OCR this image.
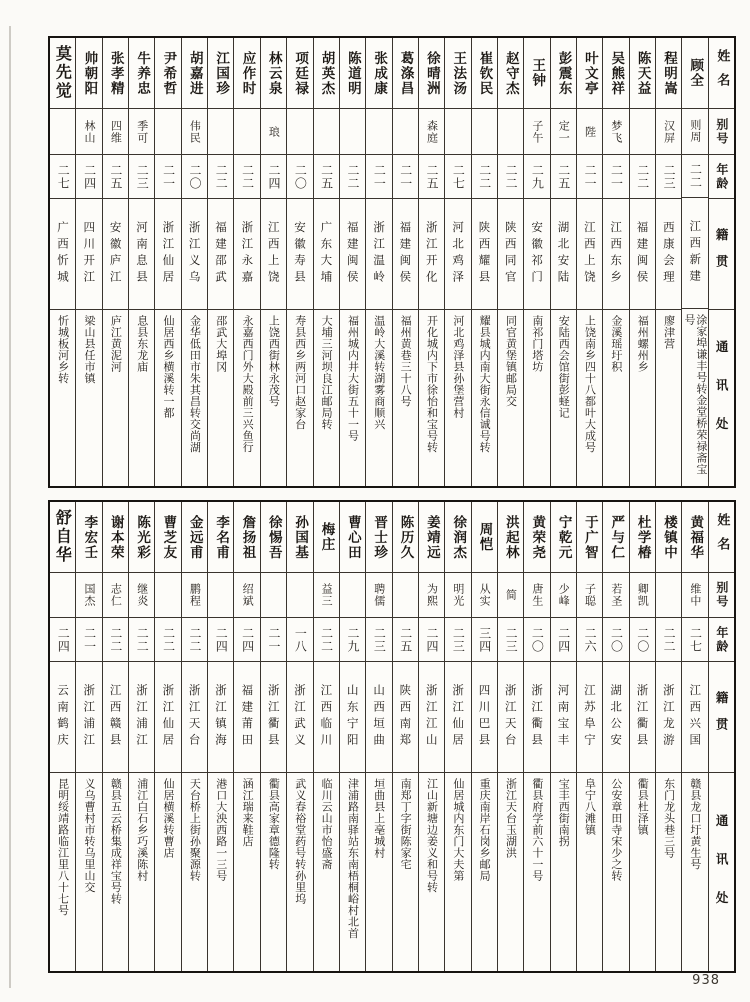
姓名
别号
年龄
籍贯
通讯处
顾全
则周
二二
江西新建
涂家埠谦丰号转金堂桥荣禄斋宝号
程明嵩
汉屏
二三
西康会理
廖津营
陈天益
二二
福建闽侯
福州螺州乡
吴熊祥
梦飞
二一
江西东乡
金溪瑶圩积
叶文亭
陛
二一
江西上饶
上饶南乡四十八都叶大成号
彭震东
定一
二五
湖北安陆
安陆西会馆街彭蛏记
王钟
子午
二九
安徽祁门
南祁门塔坊
赵守杰
二二
陕西同官
同官黄堡镇邮局交
崔钦民
二二
陕西耀县
耀县城内南大街永信诚号转
王法汤
二七
河北鸡泽
河北鸡泽县孙堡营村
徐晴洲
森庭
二五
浙江开化
开化城内下市徐怡和宝号转
葛涤昌
二一
福建闽侯
福州黄巷三十八号
张成康
二一
浙江温岭
温岭大溪转湖雾商顺兴
陈道明
二二
福建闽侯
福州城内井大街五十一号
胡英杰
二五
广东大埔
大埔三河坝良江邮局转
项廷禄
二〇
安徽寿县
寿县西乡两河口赵家台
林云泉
琅
二四
江西上饶
上饶西街林永茂号
应作时
二二
浙江永嘉
永嘉西门外大殿前三兴鱼行
江国珍
二二
福建邵武
邵武大埠冈
胡嘉进
伟民
二〇
浙江义乌
金华低田市朱其昌转交尚湖
尹希哲
二一
浙江仙居
仙居西乡横溪转一都
牛养忠
季可
二三
河南息县
息县东龙庙
张孝精
四维
二五
安徽庐江
庐江黄泥河
帅朝阳
林山
二四
四川开江
梁山县任市镇
莫先觉
二七
广西忻城
忻城板河乡转
姓名
别号
年龄
籍贯
通讯处
黄福华
维中
二七
江西兴国
赣县龙口圩黄生号
楼镇中
二二
浙江龙游
东门龙头巷三号
杜学椿
卿凯
二〇
浙江衢县
衢县杜泽镇
严与仁
若圣
二〇
湖北公安
公安章田寺宋少之转
于广智
子聪
二六
江苏阜宁
阜宁八滩镇
宁乾元
少峰
二四
河南宝丰
宝丰西街南拐
黄荣尧
唐生
二〇
浙江衢县
衢县府学前六十一号
洪起林
简
二三
浙江天台
浙江天台玉湖洪
周恺
从实
三四
四川巴县
重庆南岸石岗乡邮局
徐润杰
明光
二三
浙江仙居
仙居城内东门大夫第
姜靖远
为熙
二四
浙江江山
江山新塘边姜义和号转
陈历久
二五
陕西南郑
南郑丁字街陈家宅
晋士珍
聘儒
二三
山西垣曲
垣曲县上亳城村
曹心田
二九
山东宁阳
津浦路南驿站东南梧桐峪村北首
梅庄
益三
二二
江西临川
临川云山市怡盛斋
孙国基
一八
浙江武义
武义春裕堂药号转孙里坞
徐惕吾
二一
浙江衢县
衢县高家章德隆转
詹扬祖
绍斌
二四
福建莆田
涵江瑞来鞋店
李名甫
二四
浙江镇海
港口大泱西路一三号
金远甫
鹏程
二二
浙江天台
天台桥上街孙聚源转
曹芝友
二二
浙江仙居
仙居横溪转曹店
陈光彩
继炎
二二
浙江浦江
浦江白石乡巧溪陈村
谢本荣
志仁
二二
江西赣县
赣县五云桥集成祥宝号转
李宏壬
国杰
二一
浙江浦江
义乌曹村市转乌里山交
舒自华
二四
云南鹤庆
昆明绥靖路临江里八十七号
938
